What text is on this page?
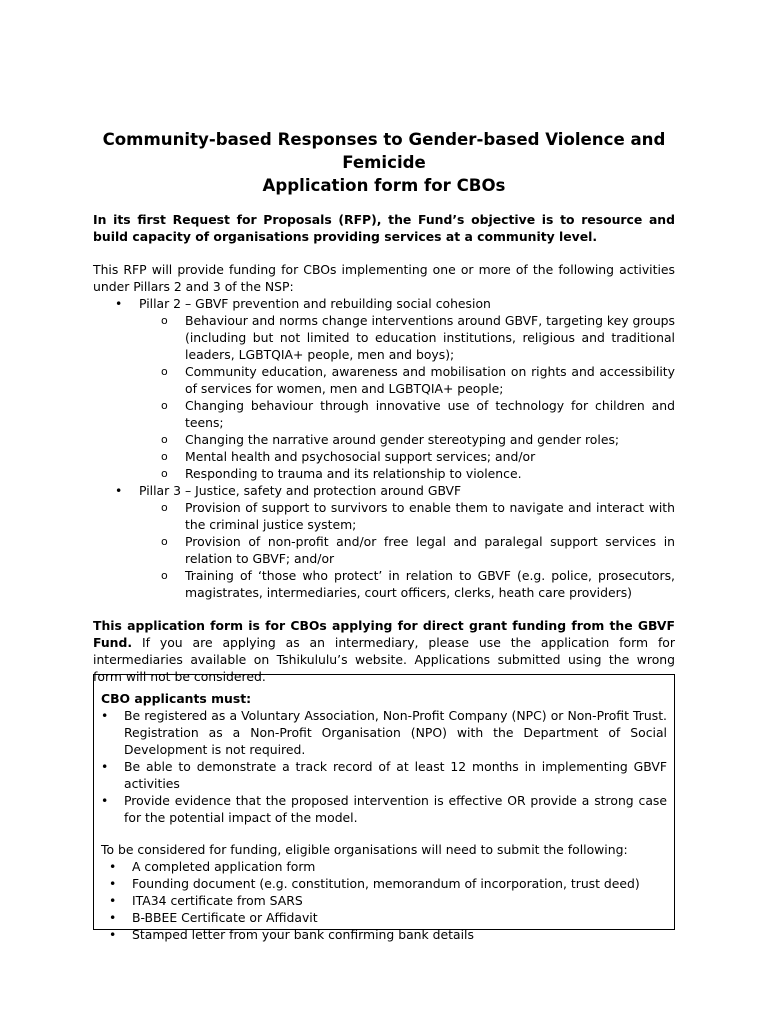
Community-based Responses to Gender-based Violence and
Femicide
Application form for CBOs

In its first Request for Proposals (RFP), the Fund’s objective is to resource and build capacity of organisations providing services at a community level.

This RFP will provide funding for CBOs implementing one or more of the following activities under Pillars 2 and 3 of the NSP:

• Pillar 2 – GBVF prevention and rebuilding social cohesion
o Behaviour and norms change interventions around GBVF, targeting key groups (including but not limited to education institutions, religious and traditional leaders, LGBTQIA+ people, men and boys);
o Community education, awareness and mobilisation on rights and accessibility of services for women, men and LGBTQIA+ people;
o Changing behaviour through innovative use of technology for children and teens;
o Changing the narrative around gender stereotyping and gender roles;
o Mental health and psychosocial support services; and/or
o Responding to trauma and its relationship to violence.
• Pillar 3 – Justice, safety and protection around GBVF
o Provision of support to survivors to enable them to navigate and interact with the criminal justice system;
o Provision of non-profit and/or free legal and paralegal support services in relation to GBVF; and/or
o Training of ‘those who protect’ in relation to GBVF (e.g. police, prosecutors, magistrates, intermediaries, court officers, clerks, heath care providers)

This application form is for CBOs applying for direct grant funding from the GBVF Fund. If you are applying as an intermediary, please use the application form for intermediaries available on Tshikululu’s website. Applications submitted using the wrong form will not be considered.

CBO applicants must:

• Be registered as a Voluntary Association, Non-Profit Company (NPC) or Non-Profit Trust. Registration as a Non-Profit Organisation (NPO) with the Department of Social Development is not required.
• Be able to demonstrate a track record of at least 12 months in implementing GBVF activities
• Provide evidence that the proposed intervention is effective OR provide a strong case for the potential impact of the model.

To be considered for funding, eligible organisations will need to submit the following:

• A completed application form
• Founding document (e.g. constitution, memorandum of incorporation, trust deed)
• ITA34 certificate from SARS
• B-BBEE Certificate or Affidavit
• Stamped letter from your bank confirming bank details
